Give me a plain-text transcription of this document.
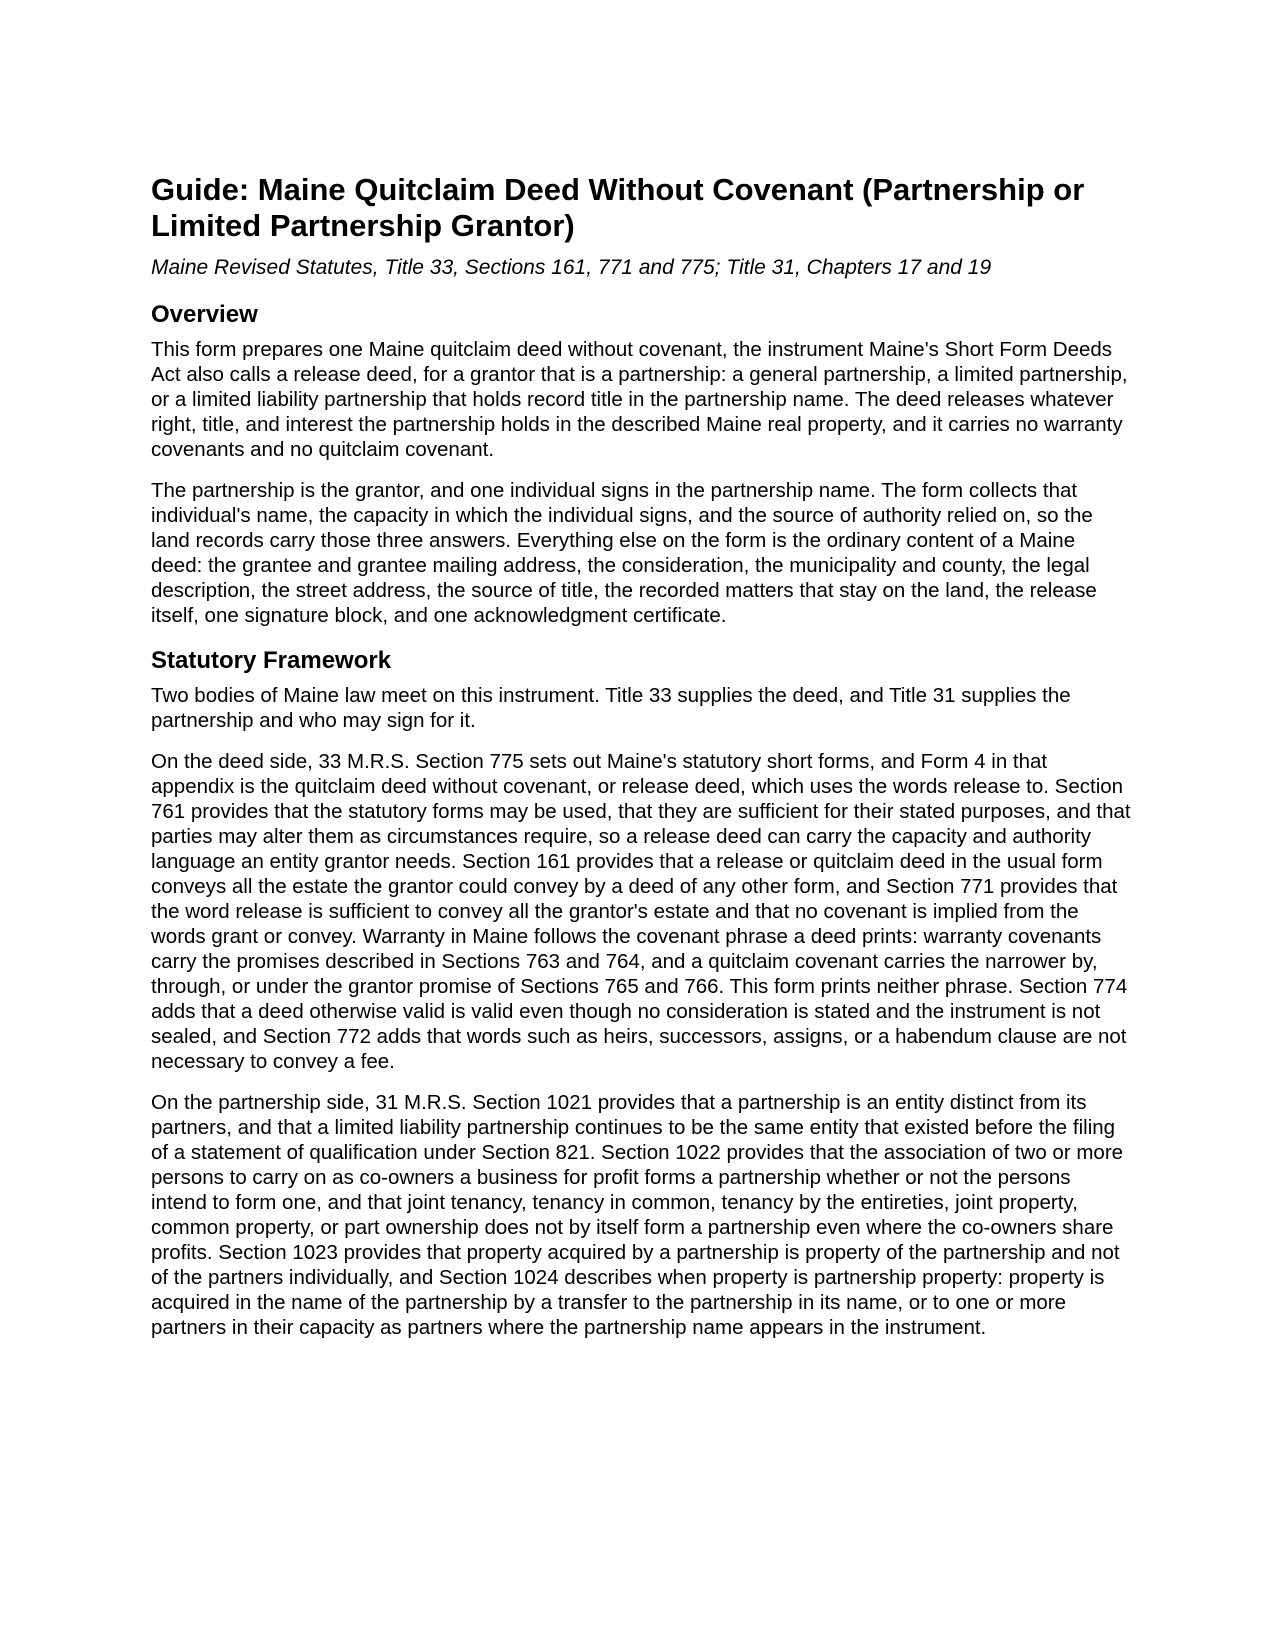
Guide: Maine Quitclaim Deed Without Covenant (Partnership or Limited Partnership Grantor)
Maine Revised Statutes, Title 33, Sections 161, 771 and 775; Title 31, Chapters 17 and 19
Overview

This form prepares one Maine quitclaim deed without covenant, the instrument Maine's Short Form Deeds Act also calls a release deed, for a grantor that is a partnership: a general partnership, a limited partnership, or a limited liability partnership that holds record title in the partnership name. The deed releases whatever right, title, and interest the partnership holds in the described Maine real property, and it carries no warranty covenants and no quitclaim covenant.

The partnership is the grantor, and one individual signs in the partnership name. The form collects that individual's name, the capacity in which the individual signs, and the source of authority relied on, so the land records carry those three answers. Everything else on the form is the ordinary content of a Maine deed: the grantee and grantee mailing address, the consideration, the municipality and county, the legal description, the street address, the source of title, the recorded matters that stay on the land, the release itself, one signature block, and one acknowledgment certificate.

Statutory Framework

Two bodies of Maine law meet on this instrument. Title 33 supplies the deed, and Title 31 supplies the partnership and who may sign for it.

On the deed side, 33 M.R.S. Section 775 sets out Maine's statutory short forms, and Form 4 in that appendix is the quitclaim deed without covenant, or release deed, which uses the words release to. Section 761 provides that the statutory forms may be used, that they are sufficient for their stated purposes, and that parties may alter them as circumstances require, so a release deed can carry the capacity and authority language an entity grantor needs. Section 161 provides that a release or quitclaim deed in the usual form conveys all the estate the grantor could convey by a deed of any other form, and Section 771 provides that the word release is sufficient to convey all the grantor's estate and that no covenant is implied from the words grant or convey. Warranty in Maine follows the covenant phrase a deed prints: warranty covenants carry the promises described in Sections 763 and 764, and a quitclaim covenant carries the narrower by, through, or under the grantor promise of Sections 765 and 766. This form prints neither phrase. Section 774 adds that a deed otherwise valid is valid even though no consideration is stated and the instrument is not sealed, and Section 772 adds that words such as heirs, successors, assigns, or a habendum clause are not necessary to convey a fee.

On the partnership side, 31 M.R.S. Section 1021 provides that a partnership is an entity distinct from its partners, and that a limited liability partnership continues to be the same entity that existed before the filing of a statement of qualification under Section 821. Section 1022 provides that the association of two or more persons to carry on as co-owners a business for profit forms a partnership whether or not the persons intend to form one, and that joint tenancy, tenancy in common, tenancy by the entireties, joint property, common property, or part ownership does not by itself form a partnership even where the co-owners share profits. Section 1023 provides that property acquired by a partnership is property of the partnership and not of the partners individually, and Section 1024 describes when property is partnership property: property is acquired in the name of the partnership by a transfer to the partnership in its name, or to one or more partners in their capacity as partners where the partnership name appears in the instrument.
